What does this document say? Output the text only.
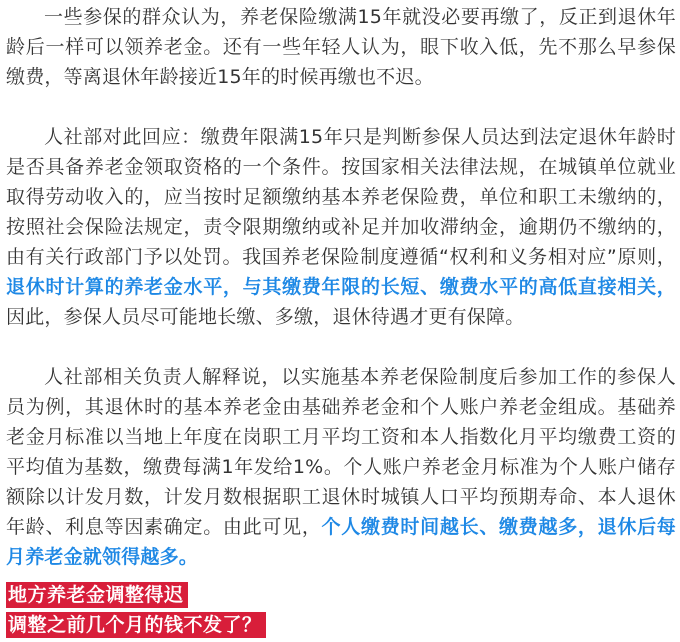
一些参保的群众认为，养老保险缴满15年就没必要再缴了，反正到退休年龄后一样可以领养老金。还有一些年轻人认为，眼下收入低，先不那么早参保缴费，等离退休年龄接近15年的时候再缴也不迟。

人社部对此回应：缴费年限满15年只是判断参保人员达到法定退休年龄时是否具备养老金领取资格的一个条件。按国家相关法律法规，在城镇单位就业取得劳动收入的，应当按时足额缴纳基本养老保险费，单位和职工未缴纳的，按照社会保险法规定，责令限期缴纳或补足并加收滞纳金，逾期仍不缴纳的，由有关行政部门予以处罚。我国养老保险制度遵循“权利和义务相对应”原则，退休时计算的养老金水平，与其缴费年限的长短、缴费水平的高低直接相关，因此，参保人员尽可能地长缴、多缴，退休待遇才更有保障。

人社部相关负责人解释说，以实施基本养老保险制度后参加工作的参保人员为例，其退休时的基本养老金由基础养老金和个人账户养老金组成。基础养老金月标准以当地上年度在岗职工月平均工资和本人指数化月平均缴费工资的平均值为基数，缴费每满1年发给1%。个人账户养老金月标准为个人账户储存额除以计发月数，计发月数根据职工退休时城镇人口平均预期寿命、本人退休年龄、利息等因素确定。由此可见，个人缴费时间越长、缴费越多，退休后每月养老金就领得越多。

地方养老金调整得迟
调整之前几个月的钱不发了？
